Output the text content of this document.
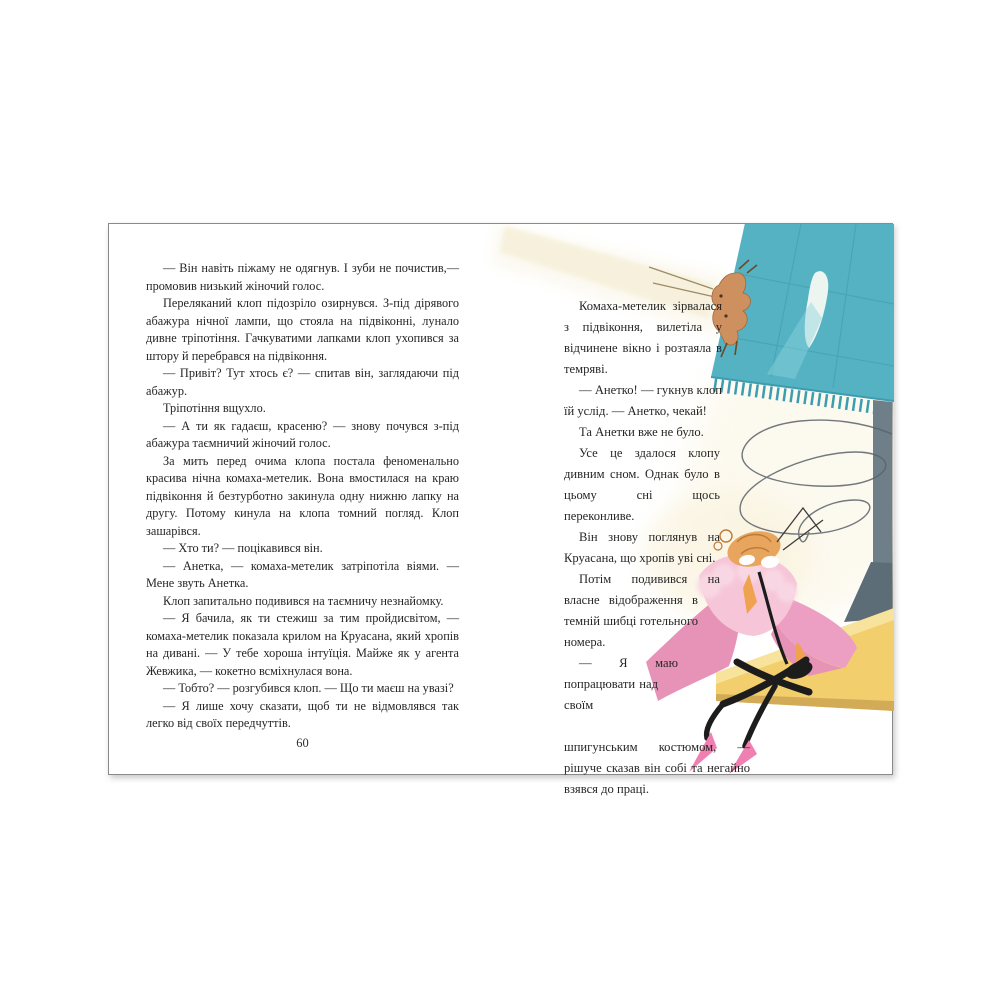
— Він навіть піжаму не одягнув. І зуби не почистив,— промовив низький жіночий голос.

Переляканий клоп підозріло озирнувся. З-під дірявого абажура нічної лампи, що стояла на підвіконні, лунало дивне тріпотіння. Гачкуватими лапками клоп ухопився за штору й перебрався на підвіконня.

— Привіт? Тут хтось є? — спитав він, заглядаючи під абажур.

Тріпотіння вщухло.

— А ти як гадаєш, красеню? — знову почувся з-під абажура таємничий жіночий голос.

За мить перед очима клопа постала феноменально красива нічна комаха-метелик. Вона вмостилася на краю підвіконня й безтурботно закинула одну нижню лапку на другу. Потому кинула на клопа томний погляд. Клоп зашарівся.

— Хто ти? — поцікавився він.

— Анетка, — комаха-метелик затріпотіла віями. — Мене звуть Анетка.

Клоп запитально подивився на таємничу незнайомку.

— Я бачила, як ти стежиш за тим пройдисвітом, — комаха-метелик показала крилом на Круасана, який хропів на дивані. — У тебе хороша інтуїція. Майже як у агента Жевжика, — кокетно всміхнулася вона.

— Тобто? — розгубився клоп. — Що ти маєш на увазі?

— Я лише хочу сказати, щоб ти не відмовлявся так легко від своїх передчуттів.

60

Комаха-метелик зірвалася з підвіконня, вилетіла у відчинене вікно і розтаяла в темряві.

— Анетко! — гукнув клоп їй услід. — Анетко, чекай!

Та Анетки вже не було.

Усе це здалося клопу дивним сном. Однак було в цьому сні щось переконливе.

Він знову поглянув на Круасана, що хропів уві сні.

Потім подивився на власне відображення в темній шибці готельного номера.

— Я маю попрацювати над своїм шпигунським костюмом, — рішуче сказав він собі та негайно взявся до праці.
